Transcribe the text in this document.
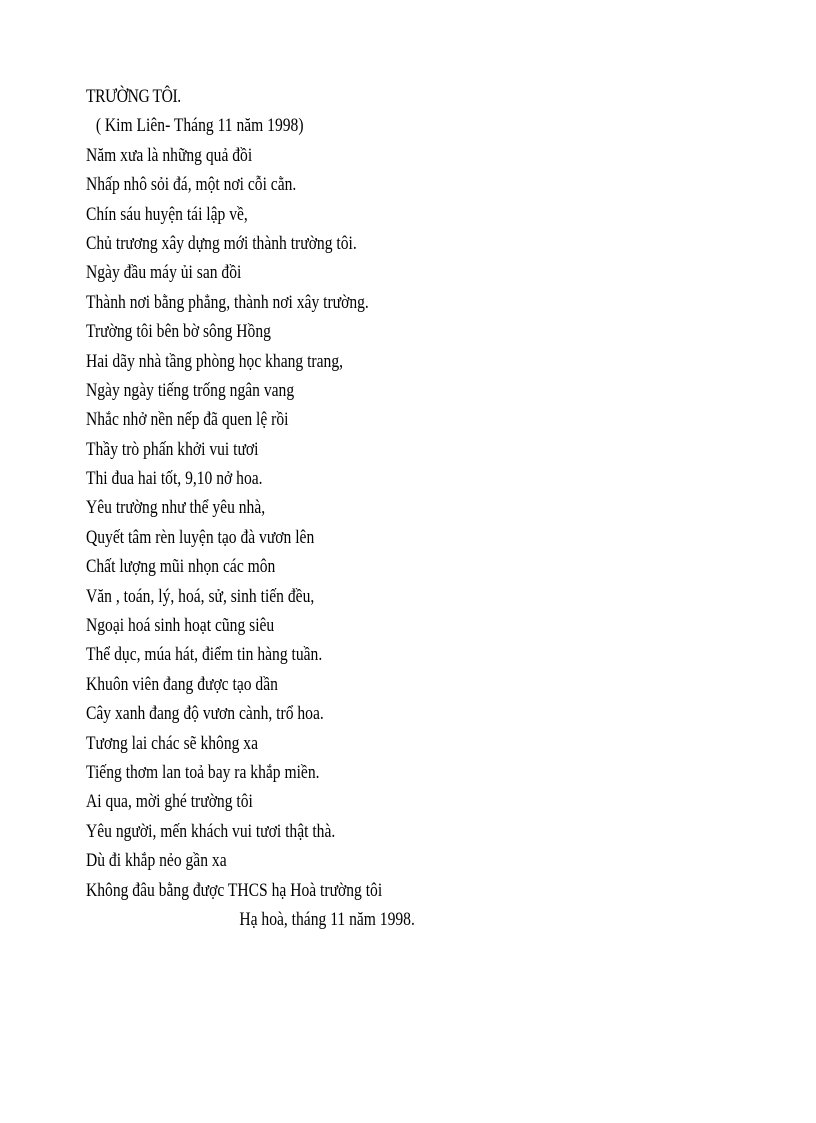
TRƯỜNG TÔI.
( Kim Liên- Tháng 11 năm 1998)
Năm xưa là những quả đồi
Nhấp nhô sỏi đá, một nơi cỗi cằn.
Chín sáu huyện tái lập về,
Chủ trương xây dựng mới thành trường tôi.
Ngày đầu máy ủi san đồi
Thành nơi bằng phẳng, thành nơi xây trường.
Trường tôi bên bờ sông Hồng
Hai dãy nhà tầng phòng học khang trang,
Ngày ngày tiếng trống ngân vang
Nhắc nhở nền nếp đã quen lệ rồi
Thầy trò phấn khởi vui tươi
Thi đua hai tốt, 9,10 nở hoa.
Yêu trường như thể yêu nhà,
Quyết tâm rèn luyện tạo đà vươn lên
Chất lượng mũi nhọn các môn
Văn , toán, lý, hoá, sử, sinh tiến đều,
Ngoại hoá sinh hoạt cũng siêu
Thể dục, múa hát, điểm tin hàng tuần.
Khuôn viên đang được tạo dần
Cây xanh đang độ vươn cành, trổ hoa.
Tương lai chác sẽ không xa
Tiếng thơm lan toả bay ra khắp miền.
Ai qua, mời ghé trường tôi
Yêu người, mến khách vui tươi thật thà.
Dù đi khắp nẻo gần xa
Không đâu bằng được THCS hạ Hoà trường tôi
Hạ hoà, tháng 11 năm 1998.
